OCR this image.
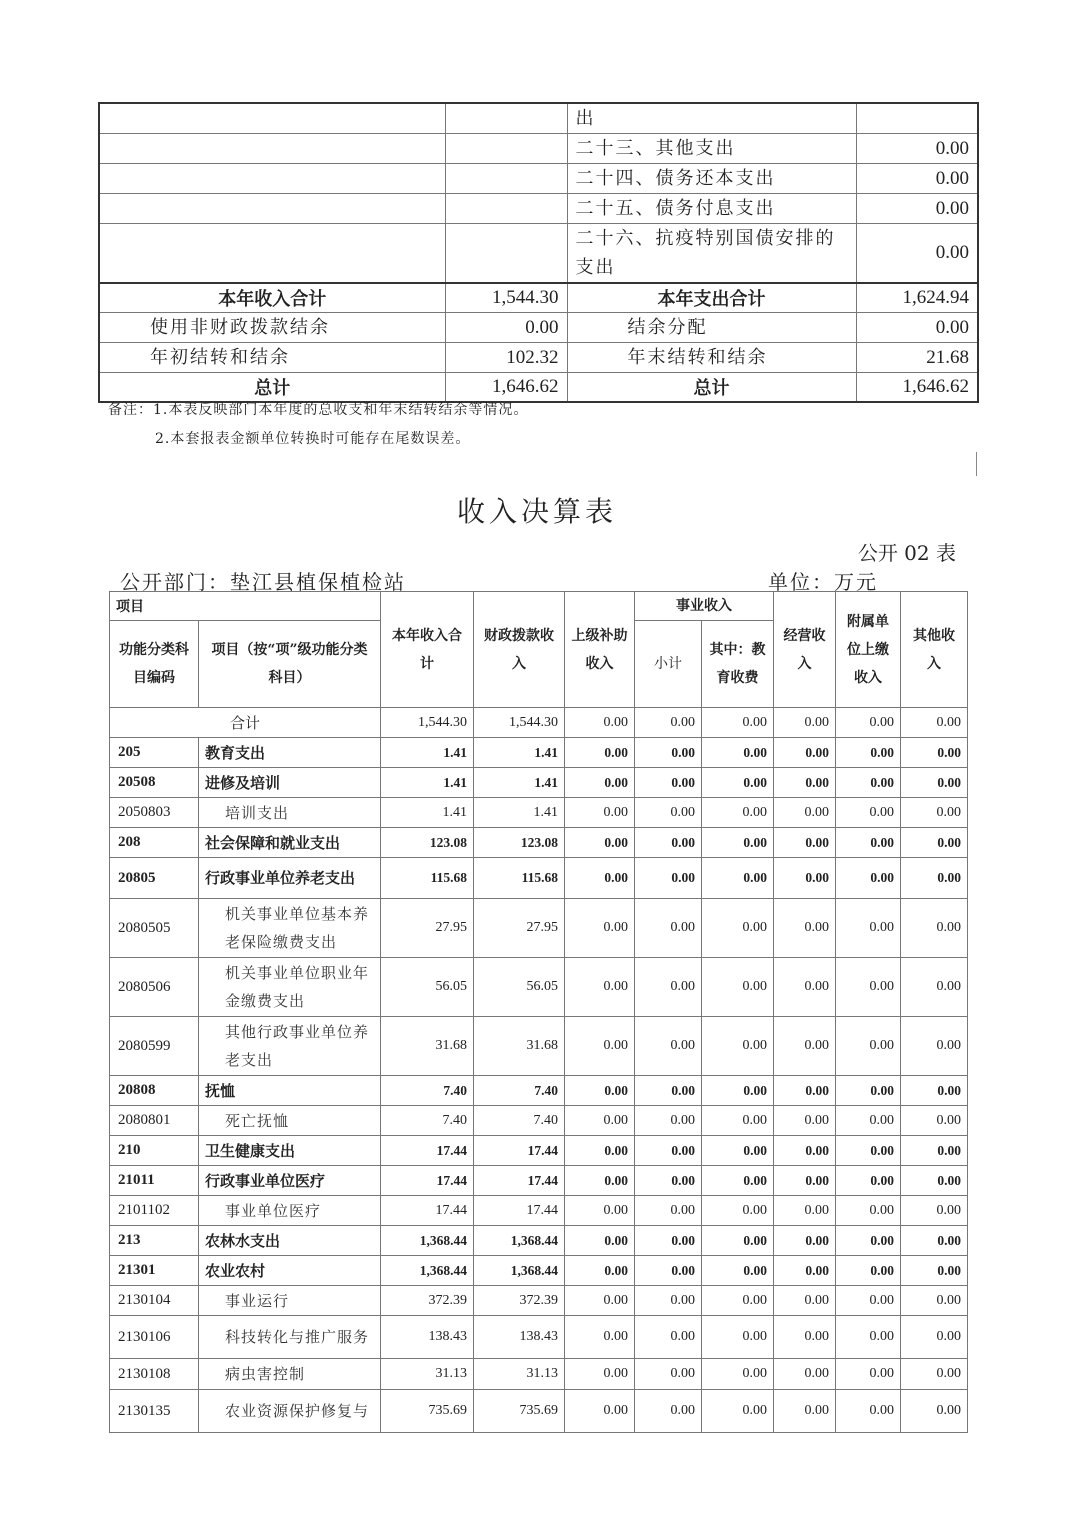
		出	
		二十三、其他支出	0.00
		二十四、债务还本支出	0.00
		二十五、债务付息支出	0.00
		二十六、抗疫特别国债安排的支出	0.00
本年收入合计	1,544.30	本年支出合计	1,624.94
使用非财政拨款结余	0.00	结余分配	0.00
年初结转和结余	102.32	年末结转和结余	21.68
总计	1,646.62	总计	1,646.62
备注：1.本表反映部门本年度的总收支和年末结转结余等情况。
2.本套报表金额单位转换时可能存在尾数误差。
收入决算表
公开 02 表
公开部门：垫江县植保植检站	单位：万元
项目		本年收入合计	财政拨款收入	上级补助收入	事业收入		经营收入	附属单位上缴收入	其他收入
功能分类科目编码	项目（按“项”级功能分类科目）				小计	其中：教育收费			

合计		1,544.30	1,544.30	0.00	0.00	0.00	0.00	0.00	0.00
205	教育支出	1.41	1.41	0.00	0.00	0.00	0.00	0.00	0.00
20508	进修及培训	1.41	1.41	0.00	0.00	0.00	0.00	0.00	0.00
2050803	培训支出	1.41	1.41	0.00	0.00	0.00	0.00	0.00	0.00
208	社会保障和就业支出	123.08	123.08	0.00	0.00	0.00	0.00	0.00	0.00
20805	行政事业单位养老支出	115.68	115.68	0.00	0.00	0.00	0.00	0.00	0.00
2080505	机关事业单位基本养老保险缴费支出	27.95	27.95	0.00	0.00	0.00	0.00	0.00	0.00
2080506	机关事业单位职业年金缴费支出	56.05	56.05	0.00	0.00	0.00	0.00	0.00	0.00
2080599	其他行政事业单位养老支出	31.68	31.68	0.00	0.00	0.00	0.00	0.00	0.00
20808	抚恤	7.40	7.40	0.00	0.00	0.00	0.00	0.00	0.00
2080801	死亡抚恤	7.40	7.40	0.00	0.00	0.00	0.00	0.00	0.00
210	卫生健康支出	17.44	17.44	0.00	0.00	0.00	0.00	0.00	0.00
21011	行政事业单位医疗	17.44	17.44	0.00	0.00	0.00	0.00	0.00	0.00
2101102	事业单位医疗	17.44	17.44	0.00	0.00	0.00	0.00	0.00	0.00
213	农林水支出	1,368.44	1,368.44	0.00	0.00	0.00	0.00	0.00	0.00
21301	农业农村	1,368.44	1,368.44	0.00	0.00	0.00	0.00	0.00	0.00
2130104	事业运行	372.39	372.39	0.00	0.00	0.00	0.00	0.00	0.00
2130106	科技转化与推广服务	138.43	138.43	0.00	0.00	0.00	0.00	0.00	0.00
2130108	病虫害控制	31.13	31.13	0.00	0.00	0.00	0.00	0.00	0.00
2130135	农业资源保护修复与	735.69	735.69	0.00	0.00	0.00	0.00	0.00	0.00
